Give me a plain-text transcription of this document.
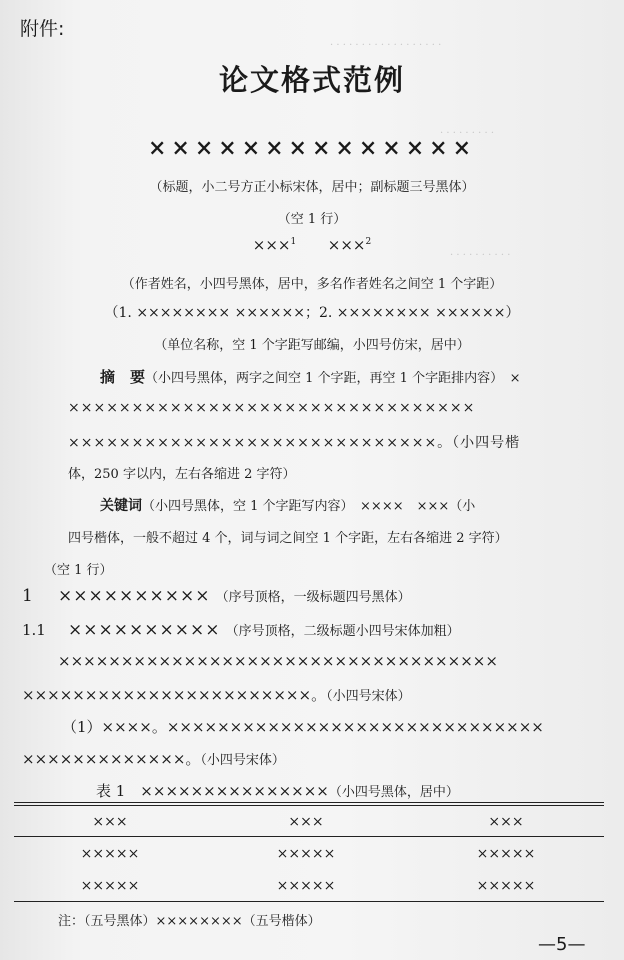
· · · · · · · · · · · · · · · · · ·
· · · · · · · · ·
· · · · · · · · · ·
附件:
论文格式范例
××××××××××××××
（标题，小二号方正小标宋体，居中；副标题三号黑体）
（空 1 行）
×××$^1$ ×××$^2$
（作者姓名，小四号黑体，居中，多名作者姓名之间空 1 个字距）
（1. ×××××××× ××××××；2. ×××××××× ××××××）
（单位名称，空 1 个字距写邮编，小四号仿宋，居中）
摘　要（小四号黑体，两字之间空 1 个字距，再空 1 个字距排内容）　×
××××××××××××××××××××××××××××××××
×××××××××××××××××××××××××××××。（小四号楷
体，250 字以内，左右各缩进 2 字符）
关键词（小四号黑体，空 1 个字距写内容）　××××　×××（小
四号楷体，一般不超过 4 个，词与词之间空 1 个字距，左右各缩进 2 字符）
（空 1 行）
1 ×××××××××× （序号顶格，一级标题四号黑体）
1.1 ×××××××××× （序号顶格，二级标题小四号宋体加粗）
×××××××××××××××××××××××××××××××××××
×××××××××××××××××××××××。（小四号宋体）
（1）××××。××××××××××××××××××××××××××××××
×××××××××××××。（小四号宋体）
表 1　×××××××××××××××（小四号黑体，居中）
×××	×××	×××
×××××	×××××	×××××
×××××	×××××	×××××
注：（五号黑体）××××××××（五号楷体）
—5—
